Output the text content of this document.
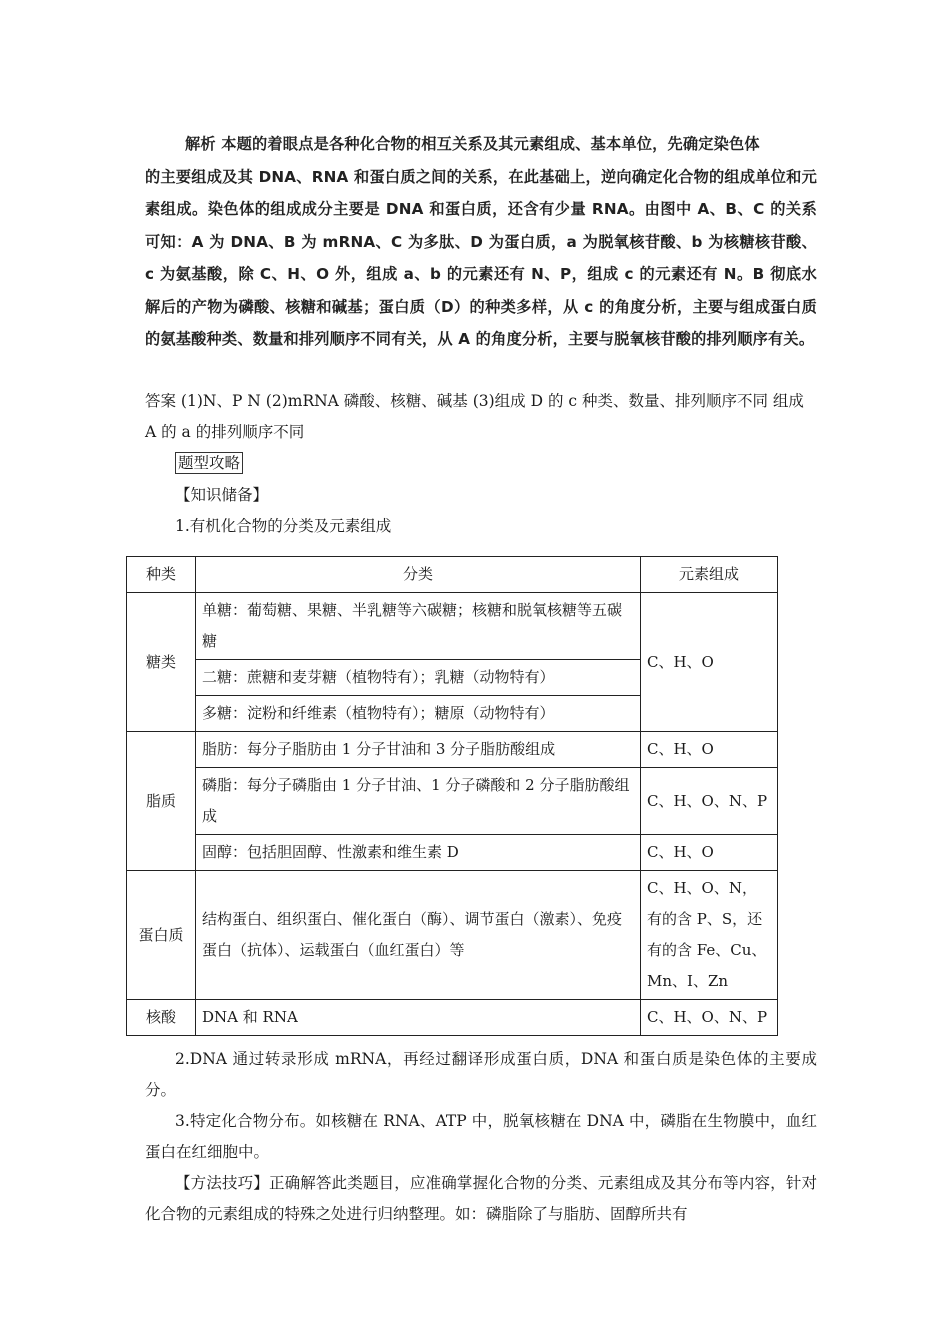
解析 本题的着眼点是各种化合物的相互关系及其元素组成、基本单位，先确定染色体
的主要组成及其 DNA、RNA 和蛋白质之间的关系，在此基础上，逆向确定化合物的组成单位和元素组成。染色体的组成成分主要是 DNA 和蛋白质，还含有少量 RNA。由图中 A、B、C 的关系可知：A 为 DNA、B 为 mRNA、C 为多肽、D 为蛋白质，a 为脱氧核苷酸、b 为核糖核苷酸、c 为氨基酸，除 C、H、O 外，组成 a、b 的元素还有 N、P，组成 c 的元素还有 N。B 彻底水解后的产物为磷酸、核糖和碱基；蛋白质（D）的种类多样，从 c 的角度分析，主要与组成蛋白质的氨基酸种类、数量和排列顺序不同有关，从 A 的角度分析，主要与脱氧核苷酸的排列顺序有关。
答案 (1)N、P N (2)mRNA 磷酸、核糖、碱基 (3)组成 D 的 c 种类、数量、排列顺序不同 组成 A 的 a 的排列顺序不同
题型攻略
【知识储备】
1.有机化合物的分类及元素组成
种类	分类	元素组成
糖类	单糖：葡萄糖、果糖、半乳糖等六碳糖；核糖和脱氧核糖等五碳糖	C、H、O
	二糖：蔗糖和麦芽糖（植物特有）；乳糖（动物特有）	
	多糖：淀粉和纤维素（植物特有）；糖原（动物特有）	
脂质	脂肪：每分子脂肪由 1 分子甘油和 3 分子脂肪酸组成	C、H、O
	磷脂：每分子磷脂由 1 分子甘油、1 分子磷酸和 2 分子脂肪酸组成	C、H、O、N、P
	固醇：包括胆固醇、性激素和维生素 D	C、H、O
蛋白质	结构蛋白、组织蛋白、催化蛋白（酶）、调节蛋白（激素）、免疫蛋白（抗体）、运载蛋白（血红蛋白）等	C、H、O、N，有的含 P、S，还有的含 Fe、Cu、Mn、I、Zn
核酸	DNA 和 RNA	C、H、O、N、P
2.DNA 通过转录形成 mRNA，再经过翻译形成蛋白质，DNA 和蛋白质是染色体的主要成分。
3.特定化合物分布。如核糖在 RNA、ATP 中，脱氧核糖在 DNA 中，磷脂在生物膜中，血红蛋白在红细胞中。
【方法技巧】正确解答此类题目，应准确掌握化合物的分类、元素组成及其分布等内容，针对化合物的元素组成的特殊之处进行归纳整理。如：磷脂除了与脂肪、固醇所共有
